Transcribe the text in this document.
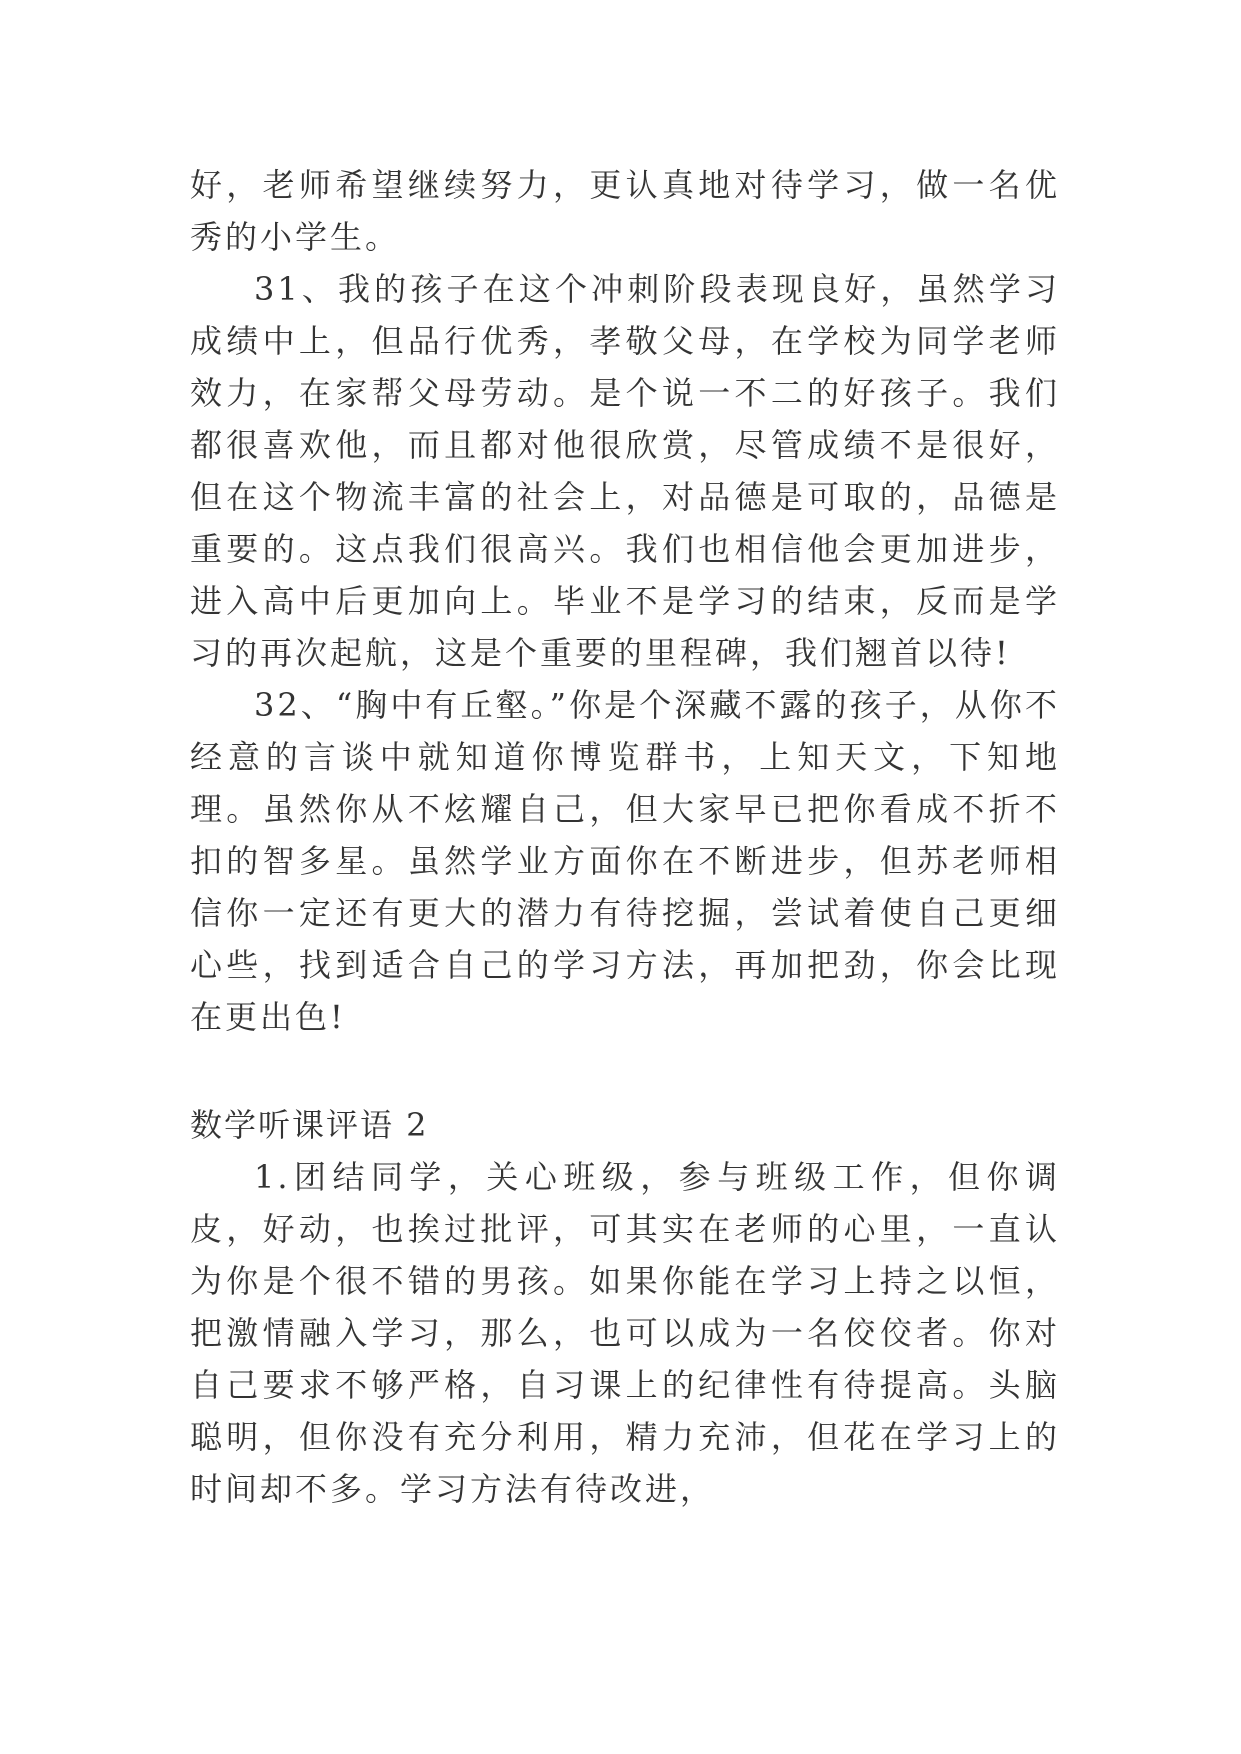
好，老师希望继续努力，更认真地对待学习，做一名优秀的小学生。

31、我的孩子在这个冲刺阶段表现良好，虽然学习成绩中上，但品行优秀，孝敬父母，在学校为同学老师效力，在家帮父母劳动。是个说一不二的好孩子。我们都很喜欢他，而且都对他很欣赏，尽管成绩不是很好，但在这个物流丰富的社会上，对品德是可取的，品德是重要的。这点我们很高兴。我们也相信他会更加进步，进入高中后更加向上。毕业不是学习的结束，反而是学习的再次起航，这是个重要的里程碑，我们翘首以待!

32、“胸中有丘壑。”你是个深藏不露的孩子，从你不经意的言谈中就知道你博览群书，上知天文，下知地理。虽然你从不炫耀自己，但大家早已把你看成不折不扣的智多星。虽然学业方面你在不断进步，但苏老师相信你一定还有更大的潜力有待挖掘，尝试着使自己更细心些，找到适合自己的学习方法，再加把劲，你会比现在更出色!

数学听课评语 2

1.团结同学，关心班级，参与班级工作，但你调皮，好动，也挨过批评，可其实在老师的心里，一直认为你是个很不错的男孩。如果你能在学习上持之以恒，把激情融入学习，那么，也可以成为一名佼佼者。你对自己要求不够严格，自习课上的纪律性有待提高。头脑聪明，但你没有充分利用，精力充沛，但花在学习上的时间却不多。学习方法有待改进，
